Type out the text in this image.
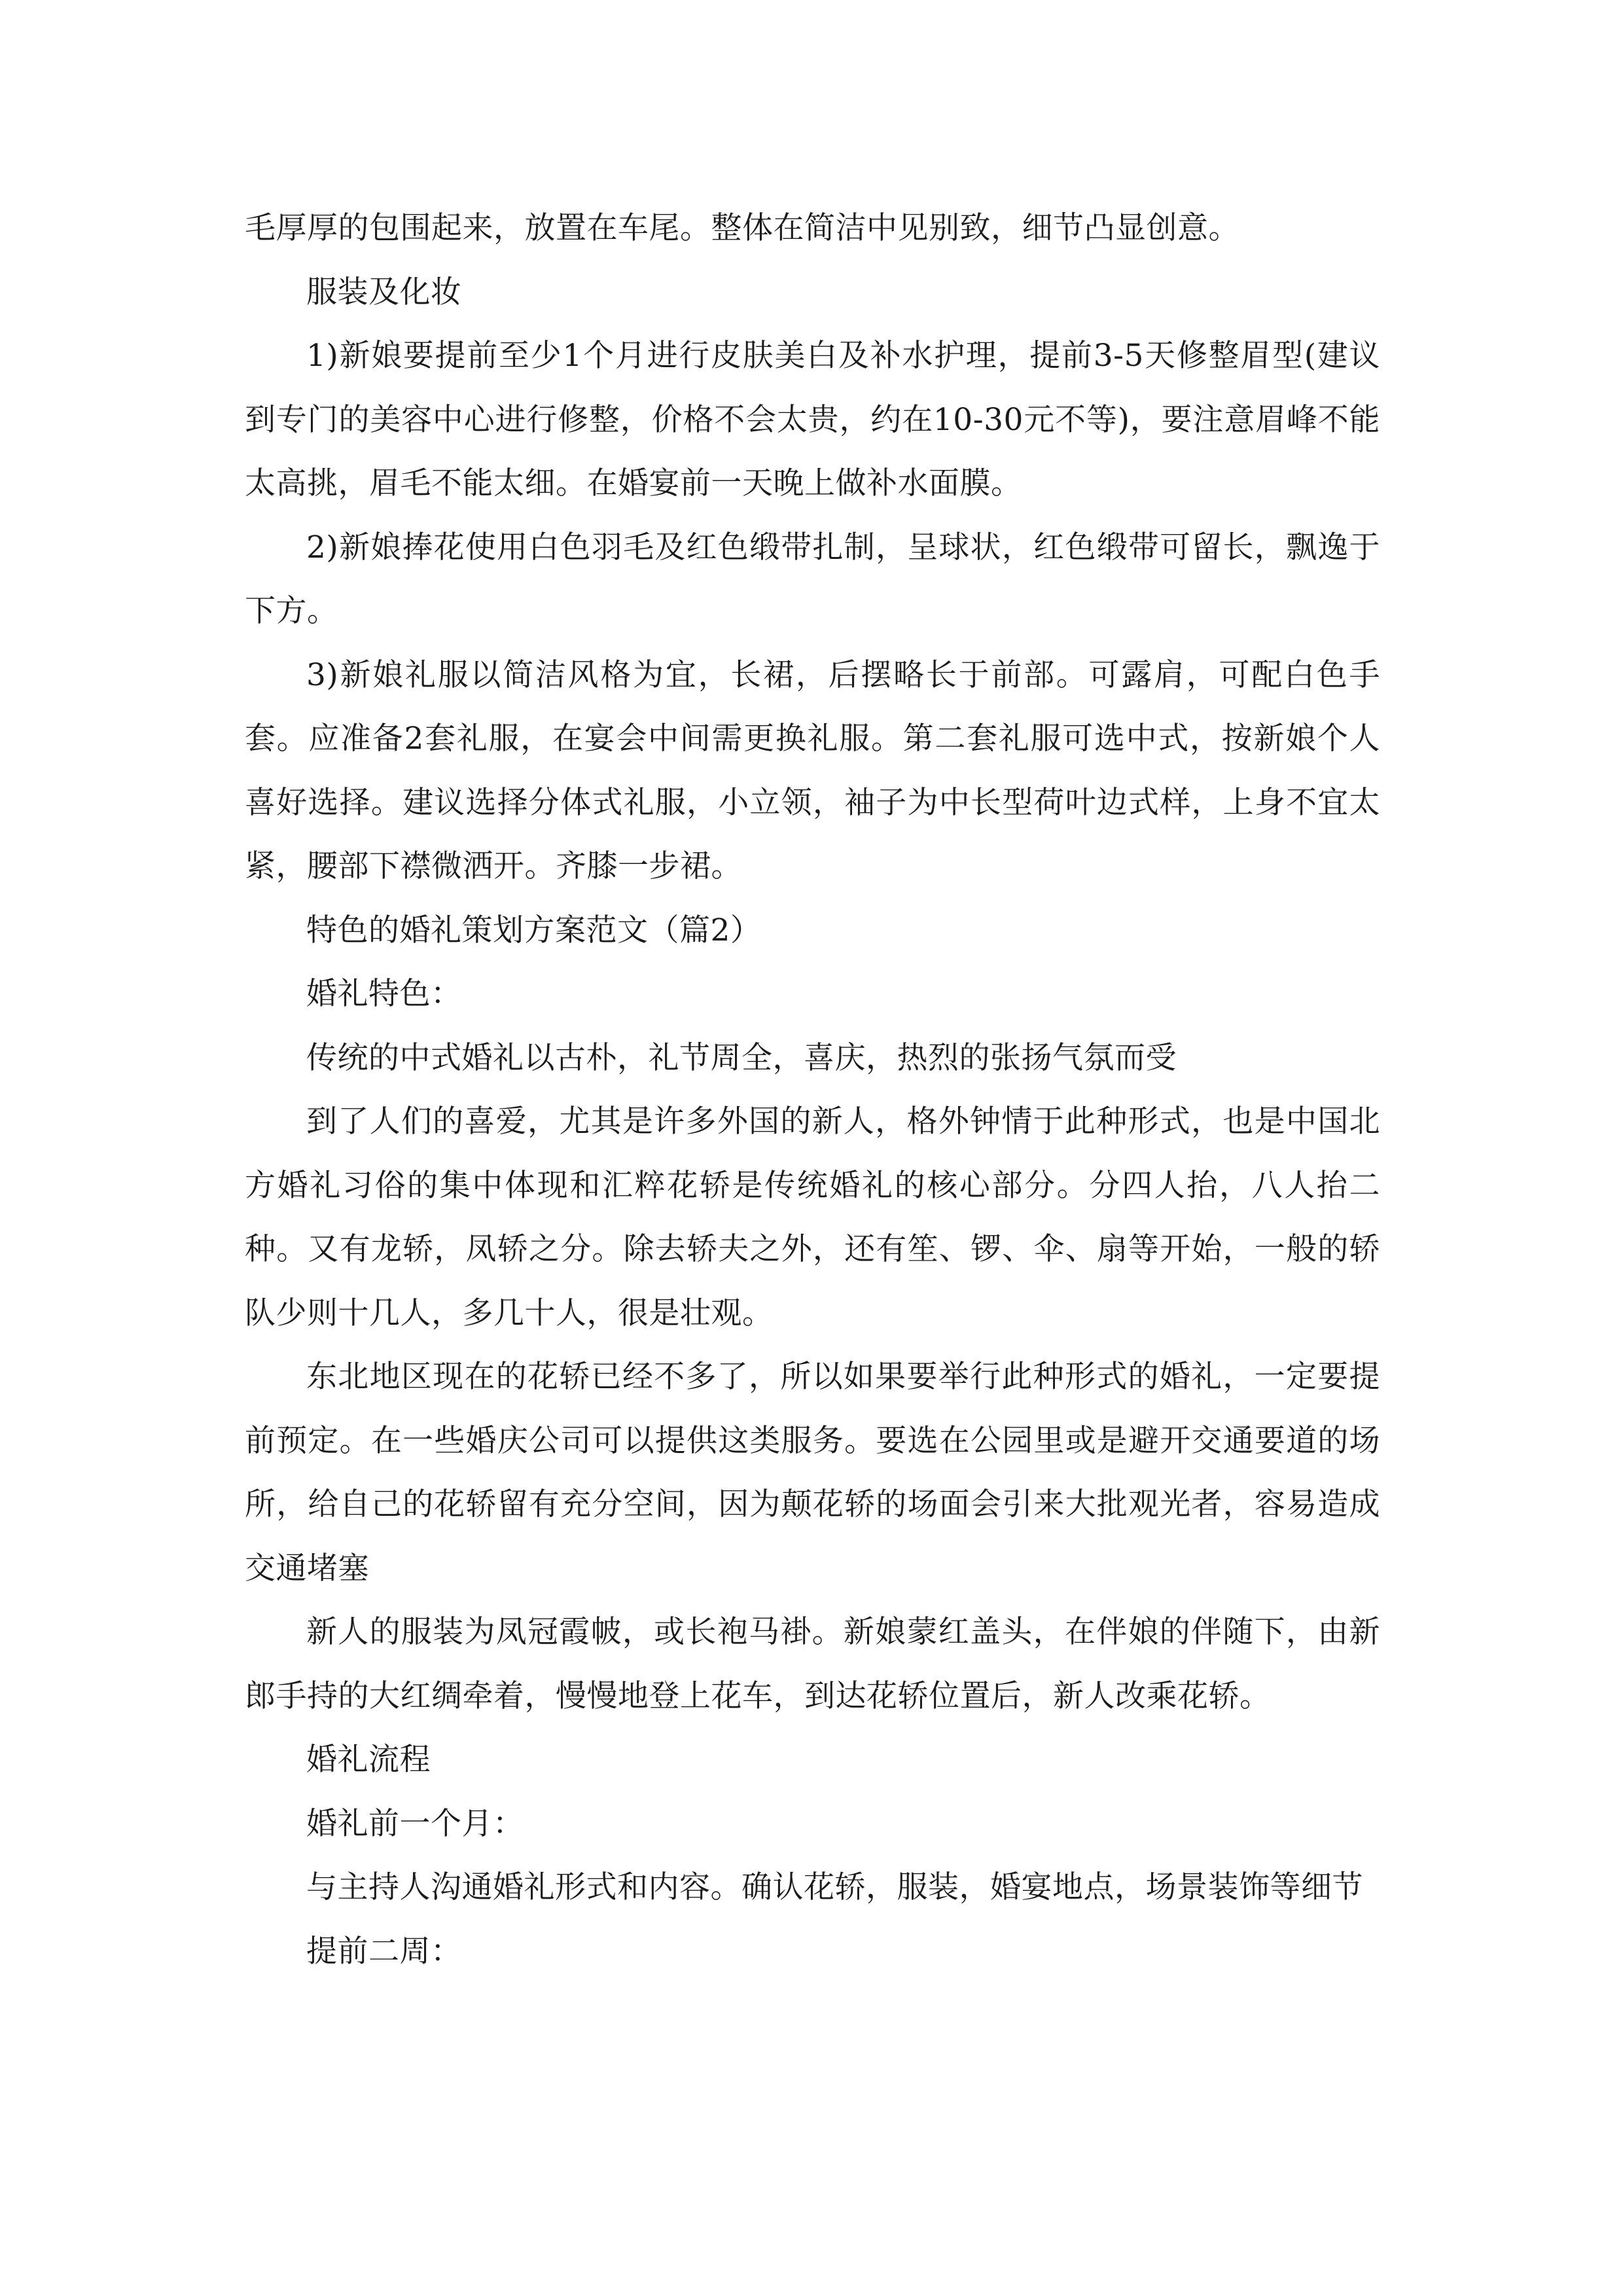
毛厚厚的包围起来，放置在车尾。整体在简洁中见别致，细节凸显创意。

服装及化妆

1)新娘要提前至少1个月进行皮肤美白及补水护理，提前3-5天修整眉型(建议到专门的美容中心进行修整，价格不会太贵，约在10-30元不等)，要注意眉峰不能太高挑，眉毛不能太细。在婚宴前一天晚上做补水面膜。

2)新娘捧花使用白色羽毛及红色缎带扎制，呈球状，红色缎带可留长，飘逸于下方。

3)新娘礼服以简洁风格为宜，长裙，后摆略长于前部。可露肩，可配白色手套。应准备2套礼服，在宴会中间需更换礼服。第二套礼服可选中式，按新娘个人喜好选择。建议选择分体式礼服，小立领，袖子为中长型荷叶边式样，上身不宜太紧，腰部下襟微洒开。齐膝一步裙。

特色的婚礼策划方案范文（篇2）

婚礼特色：

传统的中式婚礼以古朴，礼节周全，喜庆，热烈的张扬气氛而受

到了人们的喜爱，尤其是许多外国的新人，格外钟情于此种形式，也是中国北方婚礼习俗的集中体现和汇粹花轿是传统婚礼的核心部分。分四人抬，八人抬二种。又有龙轿，凤轿之分。除去轿夫之外，还有笙、锣、伞、扇等开始，一般的轿队少则十几人，多几十人，很是壮观。

东北地区现在的花轿已经不多了，所以如果要举行此种形式的婚礼，一定要提前预定。在一些婚庆公司可以提供这类服务。要选在公园里或是避开交通要道的场所，给自己的花轿留有充分空间，因为颠花轿的场面会引来大批观光者，容易造成交通堵塞

新人的服装为凤冠霞帔，或长袍马褂。新娘蒙红盖头，在伴娘的伴随下，由新郎手持的大红绸牵着，慢慢地登上花车，到达花轿位置后，新人改乘花轿。

婚礼流程

婚礼前一个月：

与主持人沟通婚礼形式和内容。确认花轿，服装，婚宴地点，场景装饰等细节

提前二周：
